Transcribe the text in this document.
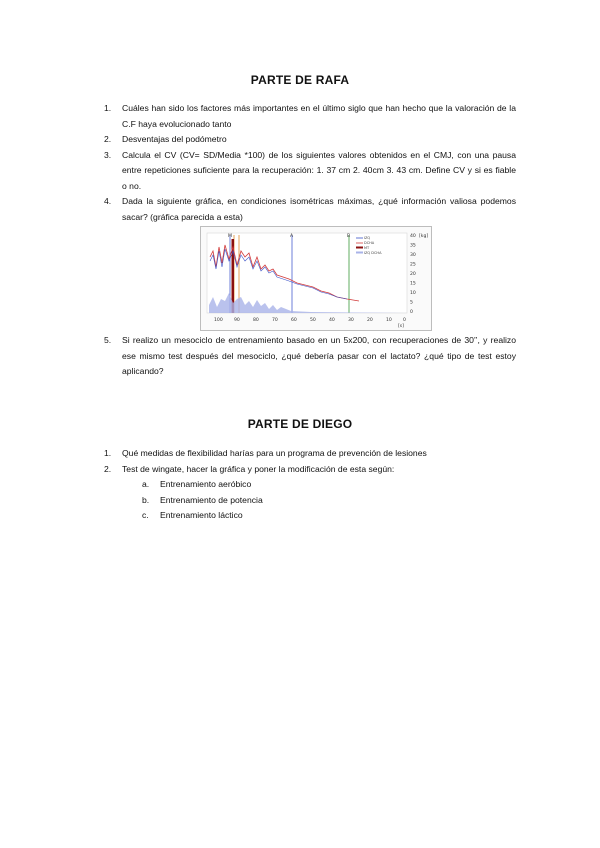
PARTE DE RAFA
1. Cuáles han sido los factores más importantes en el último siglo que han hecho que la valoración de la C.F haya evolucionado tanto
2. Desventajas del podómetro
3. Calcula el CV (CV= SD/Media *100) de los siguientes valores obtenidos en el CMJ, con una pausa entre repeticiones suficiente para la recuperación: 1. 37 cm 2. 40cm 3. 43 cm. Define CV y si es fiable o no.
4. Dada la siguiente gráfica, en condiciones isométricas máximas, ¿qué información valiosa podemos sacar? (gráfica parecida a esta)
IZQ
DCHA
MT
IZQ DCHA
M	A	B	40
35
30
25
20
15
10
5
0
[kg]
100 90	80	70	60	50	40	30	20	10 0
[s]
5. Si realizo un mesociclo de entrenamiento basado en un 5x200, con recuperaciones de 30’’, y realizo ese mismo test después del mesociclo, ¿qué debería pasar con el lactato? ¿qué tipo de test estoy aplicando?
PARTE DE DIEGO
1. Qué medidas de flexibilidad harías para un programa de prevención de lesiones
2. Test de wingate, hacer la gráfica y poner la modificación de esta según:
a. Entrenamiento aeróbico
b. Entrenamiento de potencia
c. Entrenamiento láctico
